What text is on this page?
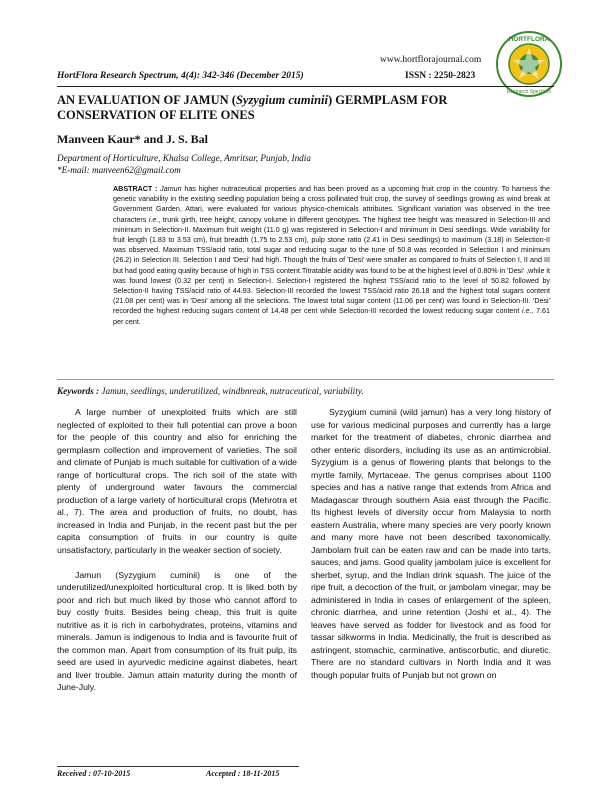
www.hortflorajournal.com
HORTFLORA
Research Spectrum
HortFlora Research Spectrum, 4(4): 342-346 (December 2015)	ISSN : 2250-2823
AN EVALUATION OF JAMUN (Syzygium cuminii) GERMPLASM FOR CONSERVATION OF ELITE ONES
Manveen Kaur* and J. S. Bal
Department of Horticulture, Khalsa College, Amritsar, Punjab, India
*E-mail: manveen62@gmail.com
ABSTRACT : Jamun has higher nutraceutical properties and has been proved as a upcoming fruit crop in the country. To harness the genetic variability in the existing seedling population being a cross pollinated fruit crop, the survey of seedlings growing as wind break at Government Garden, Attari, were evaluated for various physico-chemicals attributes. Significant variation was observed in the tree characters i.e., trunk girth, tree height, canopy volume in different genotypes. The highest tree height was measured in Selection-III and minimum in Selection-II. Maximum fruit weight (11.0 g) was registered in Selection-I and minimum in Desi seedlings. Wide variability for fruit length (1.83 to 3.53 cm), fruit breadth (1.75 to 2.53 cm), pulp stone ratio (2.41 in Desi seedlings) to maximum (3.18) in Selection-II was observed. Maximum TSS/acid ratio, total sugar and reducing sugar to the tune of 50.8 was recorded in Selection I and minimum (26.2) in Selection III. Selection I and 'Desi' had high. Though the fruits of 'Desi' were smaller as compared to fruits of Selection I, II and III but had good eating quality because of high in TSS content.Titratable acidity was found to be at the highest level of 0.80% in 'Desi' ,while it was found lowest (0.32 per cent) in Selection-I. Selection-I registered the highest TSS/acid ratio to the level of 50.82 followed by Selection-II having TSS/acid ratio of 44.93. Selection-III recorded the lowest TSS/acid ratio 26.18 and the highest total sugars content (21.08 per cent) was in 'Desi' among all the selections. The lowest total sugar content (11.06 per cent) was found in Selection-III. 'Desi' recorded the highest reducing sugars content of 14.48 per cent while Selection-III recorded the lowest reducing sugar content i.e., 7.61 per cent.
Keywords : Jamun, seedlings, underutilized, windbnreak, nutraceutical, variability.

A large number of unexploited fruits which are still neglected of exploited to their full potential can prove a boon for the people of this country and also for enriching the germplasm collection and improvement of varieties. The soil and climate of Punjab is much suitable for cultivation of a wide range of horticultural crops. The rich soil of the state with plenty of underground water favours the commercial production of a large variety of horticultural crops (Mehrotra et al., 7). The area and production of fruits, no doubt, has increased in India and Punjab, in the recent past but the per capita consumption of fruits in our country is quite unsatisfactory, particularly in the weaker section of society.

Jamun (Syzygium cuminii) is one of the underutilized/unexploited horticultural crop. It is liked both by poor and rich but much liked by those who cannot afford to buy costly fruits. Besides being cheap, this fruit is quite nutritive as it is rich in carbohydrates, proteins, vitamins and minerals. Jamun is indigenous to India and is favourite fruit of the common man. Apart from consumption of its fruit pulp, its seed are used in ayurvedic medicine against diabetes, heart and liver trouble. Jamun attain maturity during the month of June-July.

Syzygium cuminii (wild jamun) has a very long history of use for various medicinal purposes and currently has a large market for the treatment of diabetes, chronic diarrhea and other enteric disorders, including its use as an antimicrobial. Syzygium is a genus of flowering plants that belongs to the myrtle family, Myrtaceae. The genus comprises about 1100 species and has a native range that extends from Africa and Madagascar through southern Asia east through the Pacific. Its highest levels of diversity occur from Malaysia to north eastern Australia, where many species are very poorly known and many more have not been described taxonomically. Jambolam fruit can be eaten raw and can be made into tarts, sauces, and jams. Good quality jambolam juice is excellent for sherbet, syrup, and the Indian drink squash. The juice of the ripe fruit, a decoction of the fruit, or jambolam vinegar, may be administered in India in cases of enlargement of the spleen, chronic diarrhea, and urine retention (Joshi et al., 4). The leaves have served as fodder for livestock and as food for tassar silkworms in India. Medicinally, the fruit is described as astringent, stomachic, carminative, antiscorbutic, and diuretic. There are no standard cultivars in North India and it was though popular fruits of Punjab but not grown on

Received : 07-10-2015	Accepted : 18-11-2015
